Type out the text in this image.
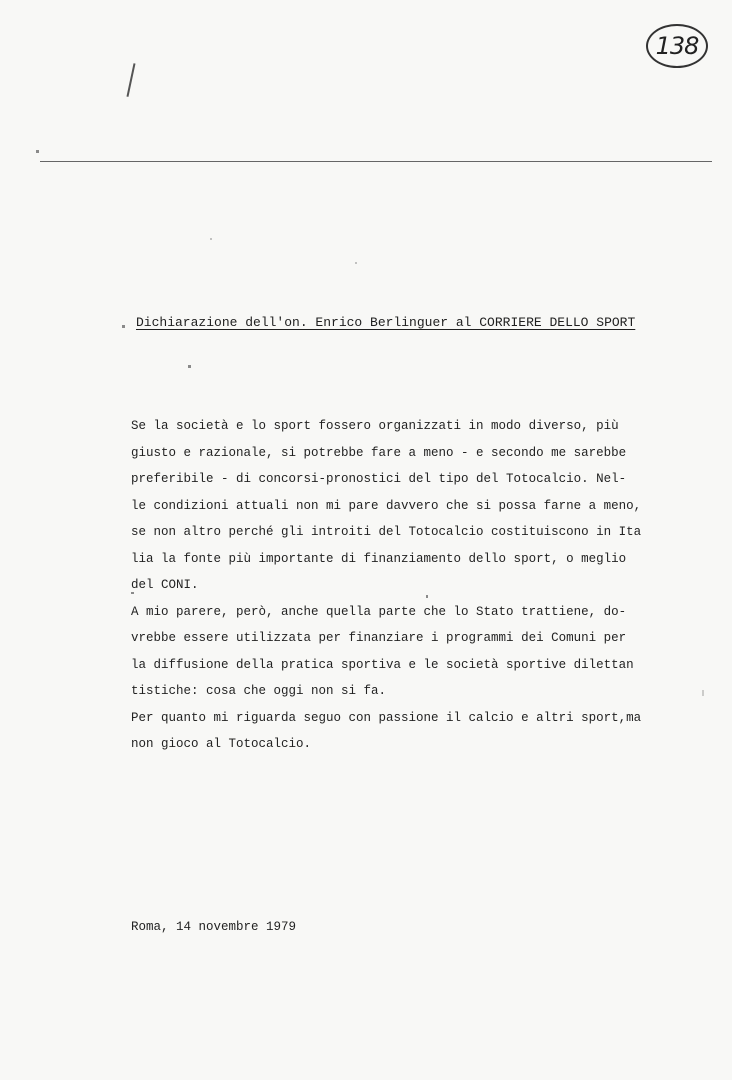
138
Dichiarazione dell'on. Enrico Berlinguer al CORRIERE DELLO SPORT
Se la società e lo sport fossero organizzati in modo diverso, più
giusto e razionale, si potrebbe fare a meno - e secondo me sarebbe
preferibile - di concorsi-pronostici del tipo del Totocalcio. Nel-
le condizioni attuali non mi pare davvero che si possa farne a meno,
se non altro perché gli introiti del Totocalcio costituiscono in Ita
lia la fonte più importante di finanziamento dello sport, o meglio
del CONI.
A mio parere, però, anche quella parte che lo Stato trattiene, do-
vrebbe essere utilizzata per finanziare i programmi dei Comuni per
la diffusione della pratica sportiva e le società sportive dilettan
tistiche: cosa che oggi non si fa.
Per quanto mi riguarda seguo con passione il calcio e altri sport,ma
non gioco al Totocalcio.
Roma, 14 novembre 1979
